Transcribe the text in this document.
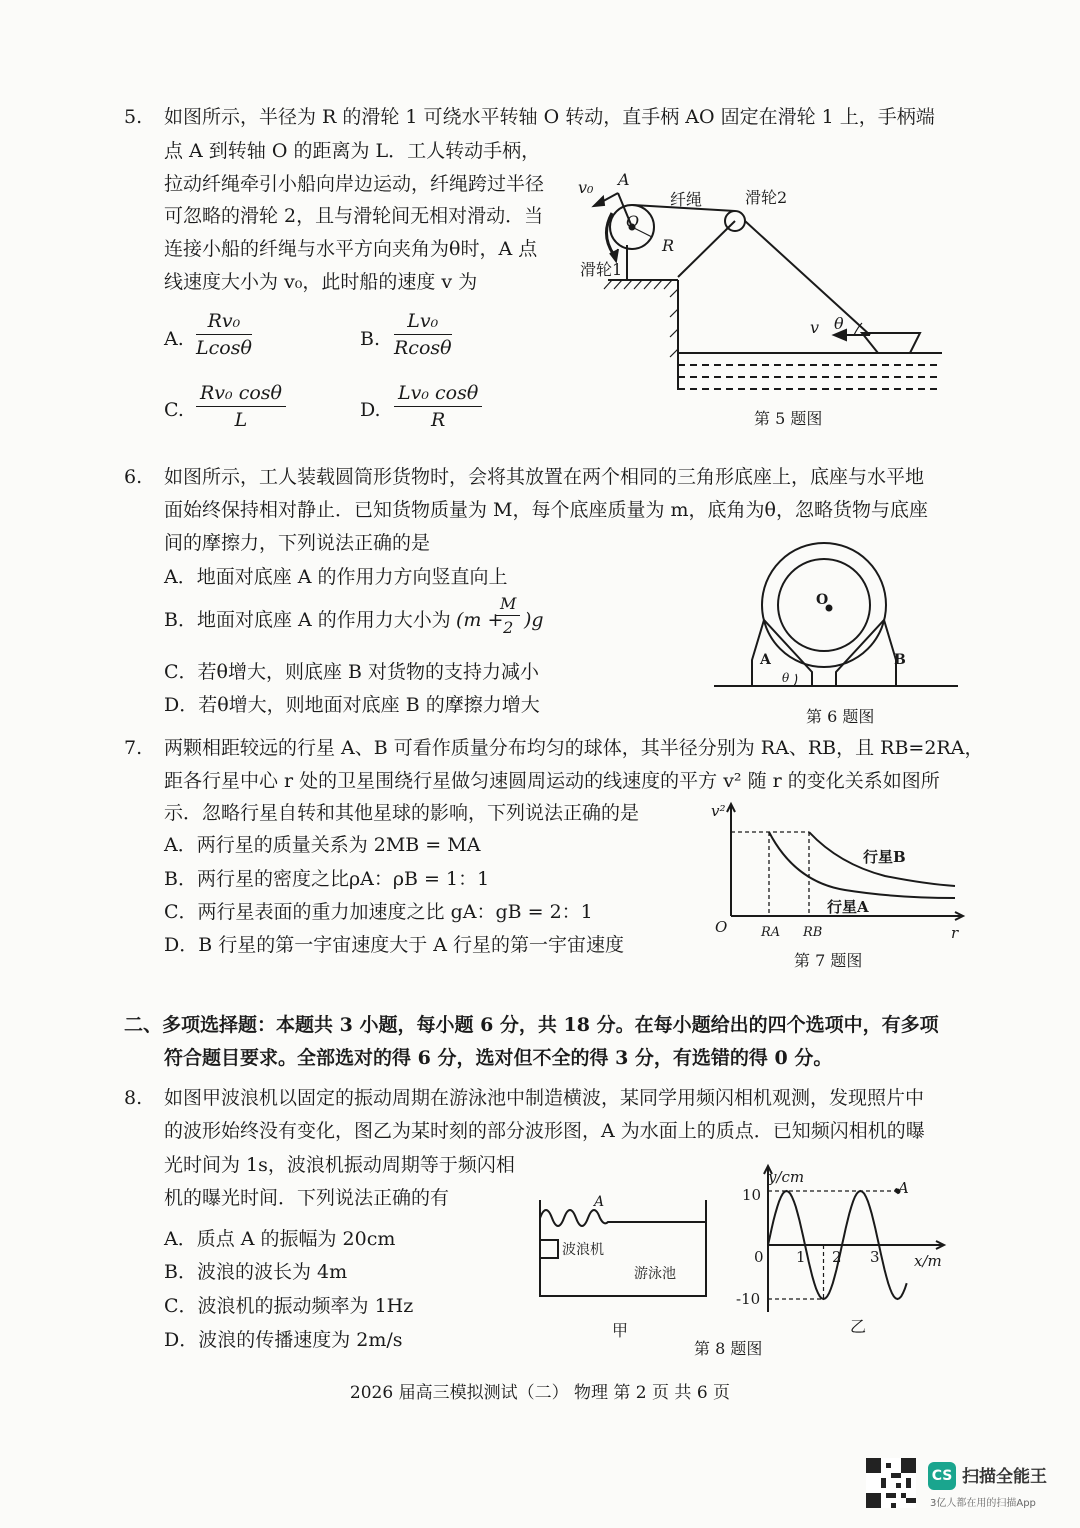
5. 如图所示，半径为 R 的滑轮 1 可绕水平转轴 O 转动，直手柄 AO 固定在滑轮 1 上，手柄端
点 A 到转轴 O 的距离为 L．工人转动手柄，
拉动纤绳牵引小船向岸边运动，纤绳跨过半径
可忽略的滑轮 2，且与滑轮间无相对滑动．当
连接小船的纤绳与水平方向夹角为θ时，A 点
线速度大小为 v₀，此时船的速度 v 为
A. $\frac{\text{Rv₀}}{Lcos\theta}$	B. $\frac{\text{Lv₀}}{Rcos\theta}$
C. $\frac{\text{Rv₀ cosθ}}{L}$	D. $\frac{\text{Lv₀ cosθ}}{R}$
v₀ A
纤绳	滑轮2
O
R
滑轮1
v θ
第 5 题图
6. 如图所示，工人装载圆筒形货物时，会将其放置在两个相同的三角形底座上，底座与水平地
面始终保持相对静止．已知货物质量为 M，每个底座质量为 m，底角为θ，忽略货物与底座
间的摩擦力，下列说法正确的是
A．地面对底座 A 的作用力方向竖直向上
B．地面对底座 A 的作用力大小为 (m +
$\frac{M}{2} )g$
C．若θ增大，则底座 B 对货物的支持力减小
D．若θ增大，则地面对底座 B 的摩擦力增大
O
A	B
θ
第 6 题图
7. 两颗相距较远的行星 A、B 可看作质量分布均匀的球体，其半径分别为 RA、RB，且 RB=2RA，
距各行星中心 r 处的卫星围绕行星做匀速圆周运动的线速度的平方 v² 随 r 的变化关系如图所
示．忽略行星自转和其他星球的影响，下列说法正确的是
A．两行星的质量关系为 2MB = MA
B．两行星的密度之比ρA：ρB = 1：1
C．两行星表面的重力加速度之比 gA：gB = 2：1
D．B 行星的第一宇宙速度大于 A 行星的第一宇宙速度
v²
r
O	RA RB
行星B
行星A
第 7 题图
二、多项选择题：本题共 3 小题，每小题 6 分，共 18 分。在每小题给出的四个选项中，有多项
符合题目要求。全部选对的得 6 分，选对但不全的得 3 分，有选错的得 0 分。
8. 如图甲波浪机以固定的振动周期在游泳池中制造横波，某同学用频闪相机观测，发现照片中
的波形始终没有变化，图乙为某时刻的部分波形图，A 为水面上的质点．已知频闪相机的曝
光时间为 1s，波浪机振动周期等于频闪相
机的曝光时间．下列说法正确的有
A．质点 A 的振幅为 20cm
B．波浪的波长为 4m
C．波浪机的振动频率为 1Hz
D．波浪的传播速度为 2m/s
A
波浪机
游泳池
甲
y/cm
x/m
10
-10
0 1 2 3
A
乙
第 8 题图
2026 届高三模拟测试（二） 物理 第 2 页 共 6 页
CS 扫描全能王
3亿人都在用的扫描App
